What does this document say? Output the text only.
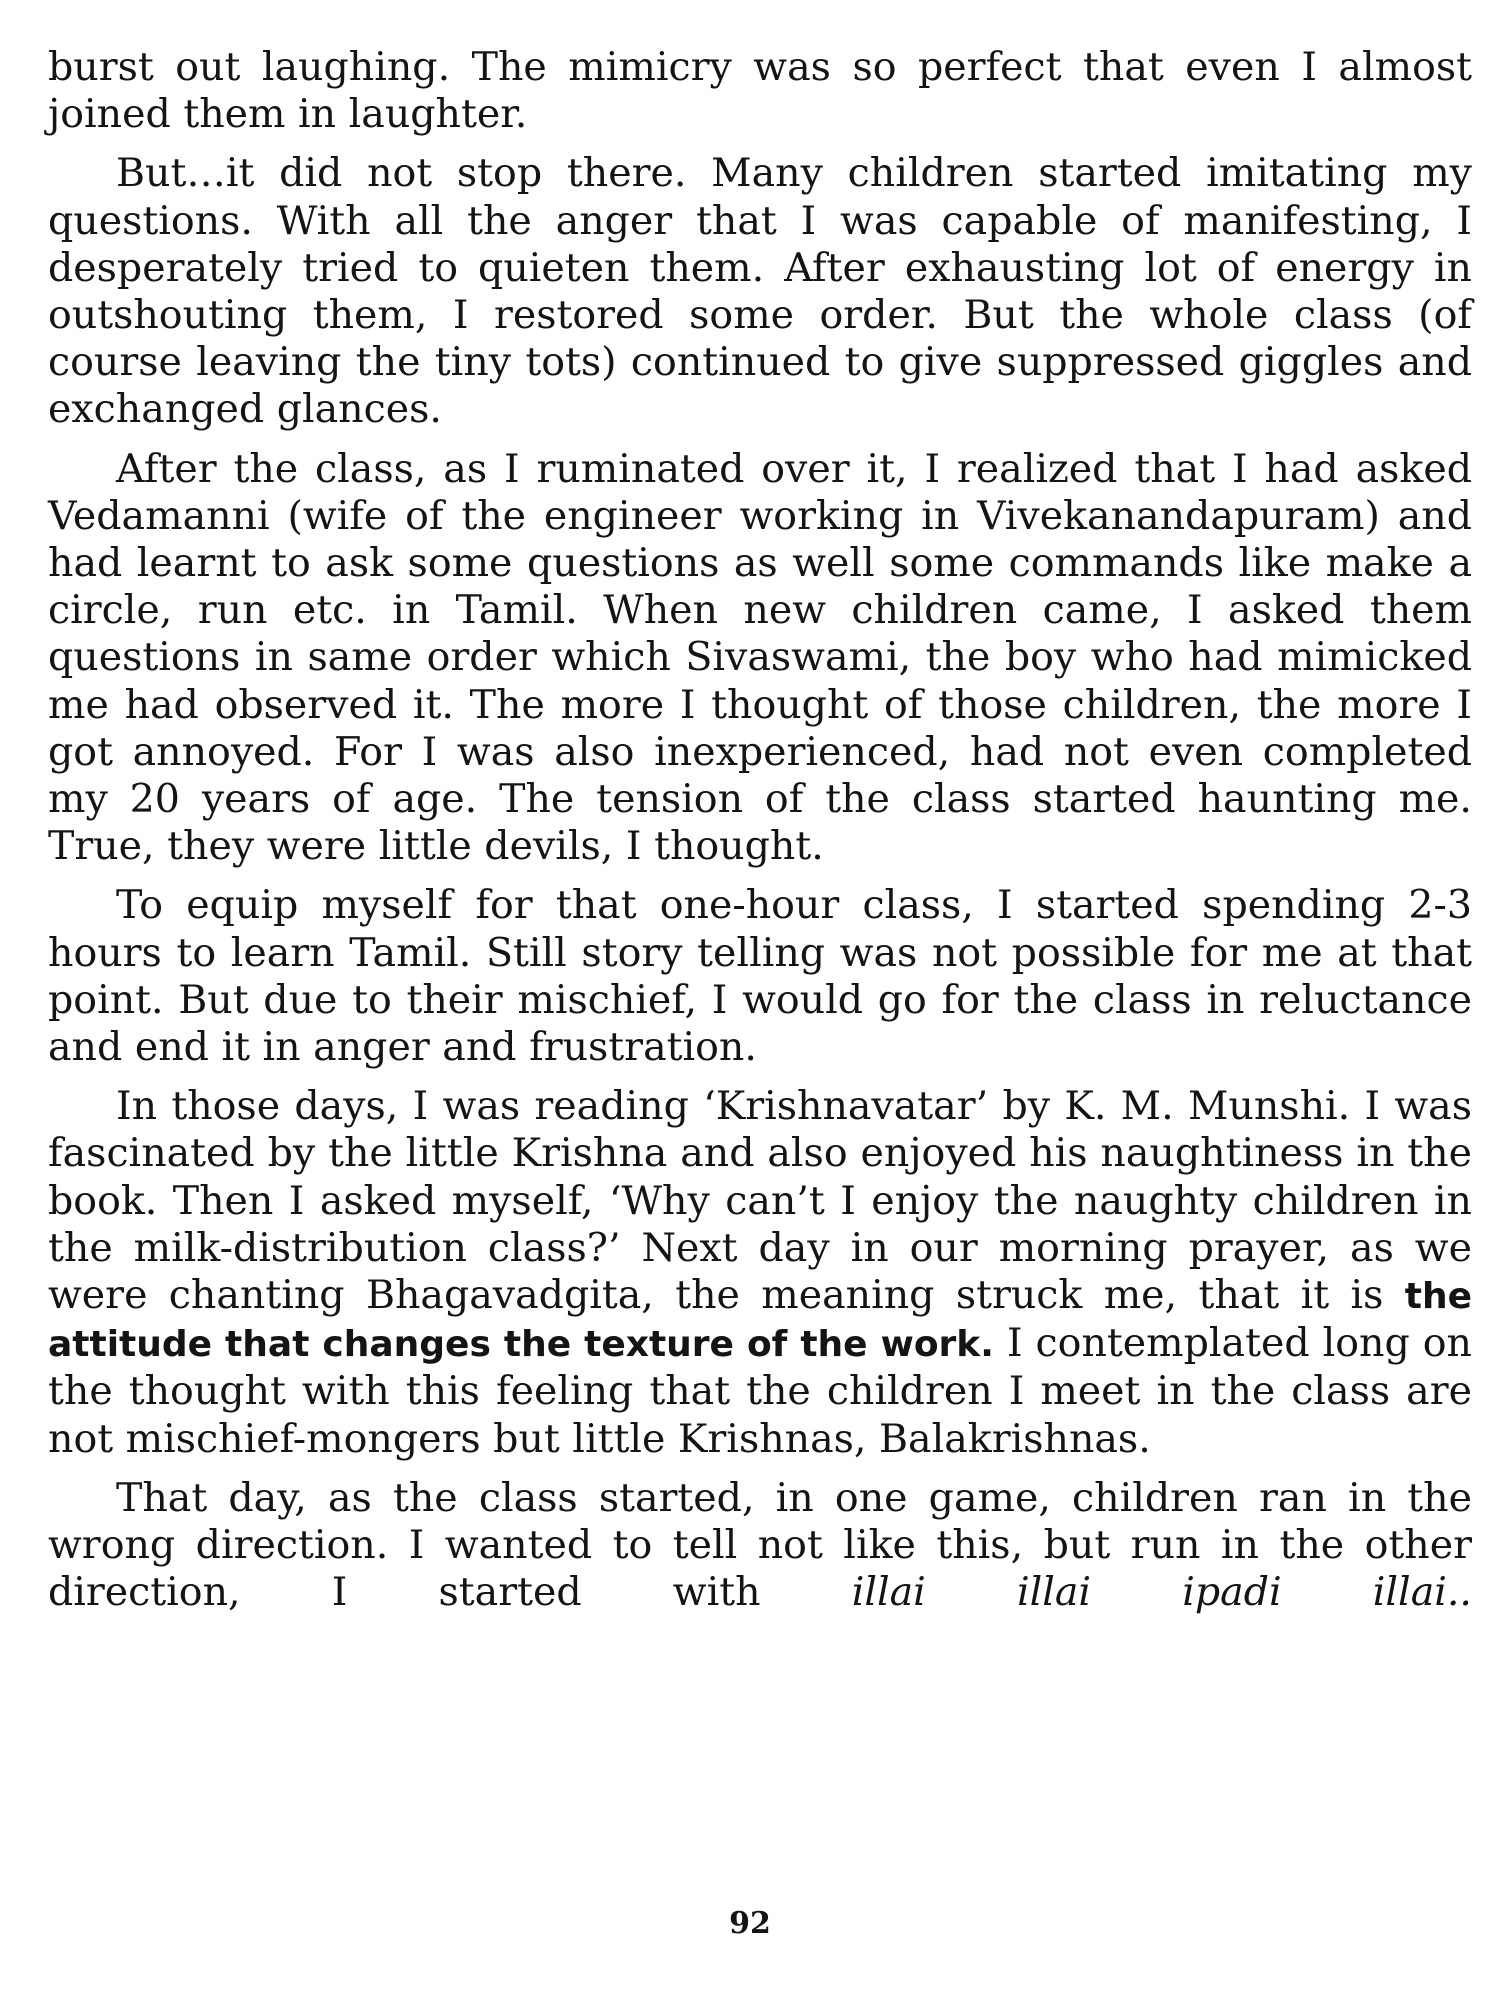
burst out laughing. The mimicry was so perfect that even I almost joined them in laughter.

But…it did not stop there. Many children started imitating my questions. With all the anger that I was capable of manifesting, I desperately tried to quieten them. After exhausting lot of energy in outshouting them, I restored some order. But the whole class (of course leaving the tiny tots) continued to give suppressed giggles and exchanged glances.

After the class, as I ruminated over it, I realized that I had asked Vedamanni (wife of the engineer working in Vivekanandapuram) and had learnt to ask some questions as well some commands like make a circle, run etc. in Tamil. When new children came, I asked them questions in same order which Sivaswami, the boy who had mimicked me had observed it. The more I thought of those children, the more I got annoyed. For I was also inexperienced, had not even completed my 20 years of age. The tension of the class started haunting me. True, they were little devils, I thought.

To equip myself for that one-hour class, I started spending 2-3 hours to learn Tamil. Still story telling was not possible for me at that point. But due to their mischief, I would go for the class in reluctance and end it in anger and frustration.

In those days, I was reading ‘Krishnavatar’ by K. M. Munshi. I was fascinated by the little Krishna and also enjoyed his naughtiness in the book. Then I asked myself, ‘Why can’t I enjoy the naughty children in the milk-distribution class?’ Next day in our morning prayer, as we were chanting Bhagavadgita, the meaning struck me, that it is the attitude that changes the texture of the work. I contemplated long on the thought with this feeling that the children I meet in the class are not mischief-mongers but little Krishnas, Balakrishnas.

That day, as the class started, in one game, children ran in the wrong direction. I wanted to tell not like this, but run in the other direction, I started with illai illai ipadi illai..

92
